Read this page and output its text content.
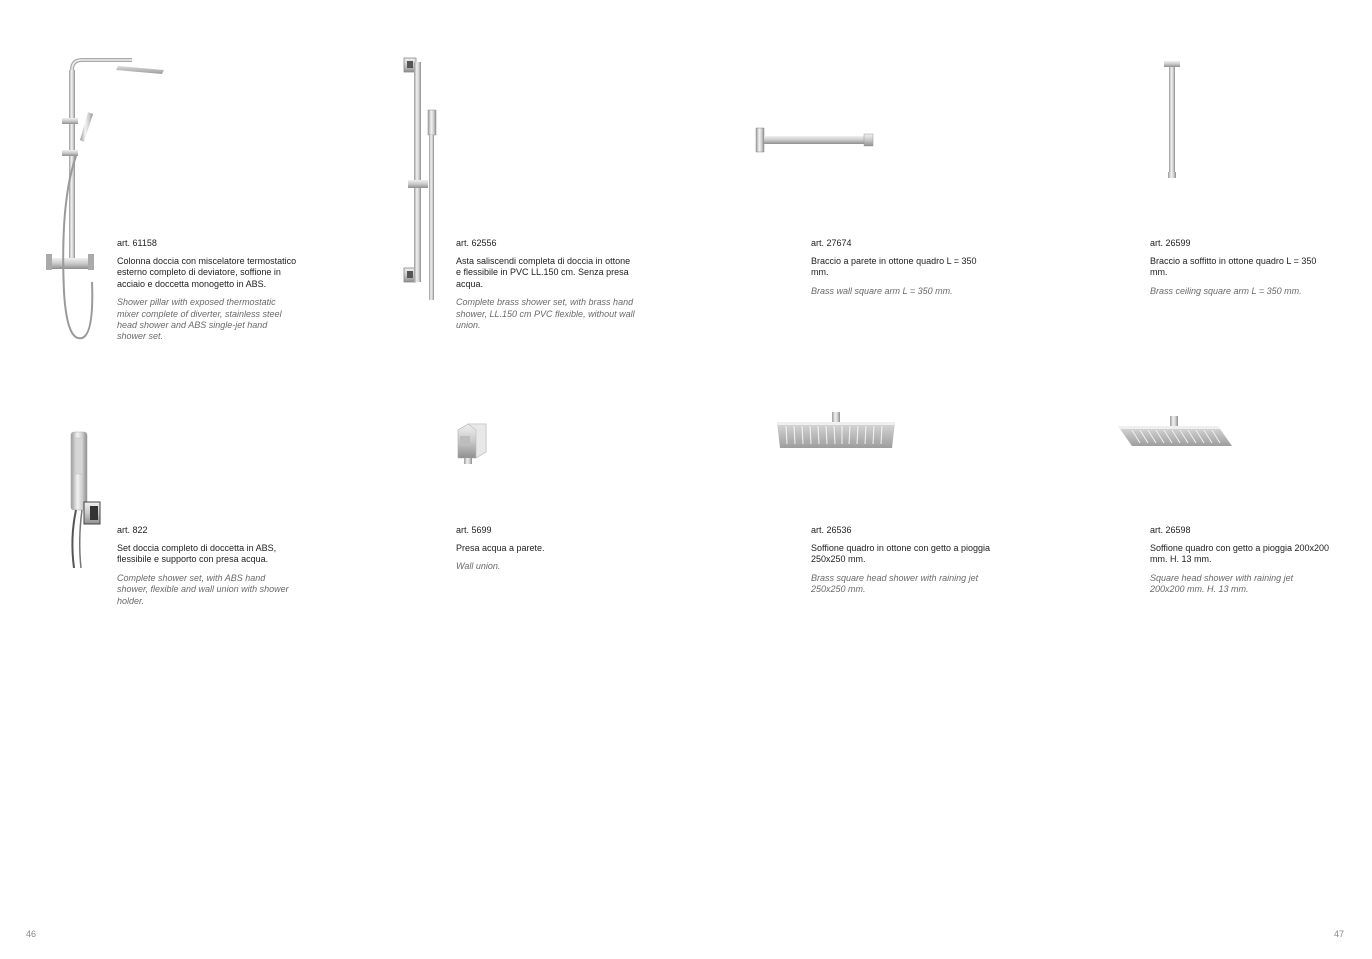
art. 61158

Colonna doccia con miscelatore termostatico esterno completo di deviatore, soffione in acciaio e doccetta monogetto in ABS.

Shower pillar with exposed thermostatic mixer complete of diverter, stainless steel head shower and ABS single-jet hand shower set.

art. 62556

Asta saliscendi completa di doccia in ottone e flessibile in PVC LL.150 cm. Senza presa acqua.

Complete brass shower set, with brass hand shower, LL.150 cm PVC flexible, without wall union.

art. 27674

Braccio a parete in ottone quadro L = 350 mm.

Brass wall square arm L = 350 mm.

art. 26599

Braccio a soffitto in ottone quadro L = 350 mm.

Brass ceiling square arm L = 350 mm.

art. 822

Set doccia completo di doccetta in ABS, flessibile e supporto con presa acqua.

Complete shower set, with ABS hand shower, flexible and wall union with shower holder.

art. 5699

Presa acqua a parete.

Wall union.

art. 26536

Soffione quadro in ottone con getto a pioggia 250x250 mm.

Brass square head shower with raining jet 250x250 mm.

art. 26598

Soffione quadro con getto a pioggia 200x200 mm. H. 13 mm.

Square head shower with raining jet 200x200 mm. H. 13 mm.

46	47
